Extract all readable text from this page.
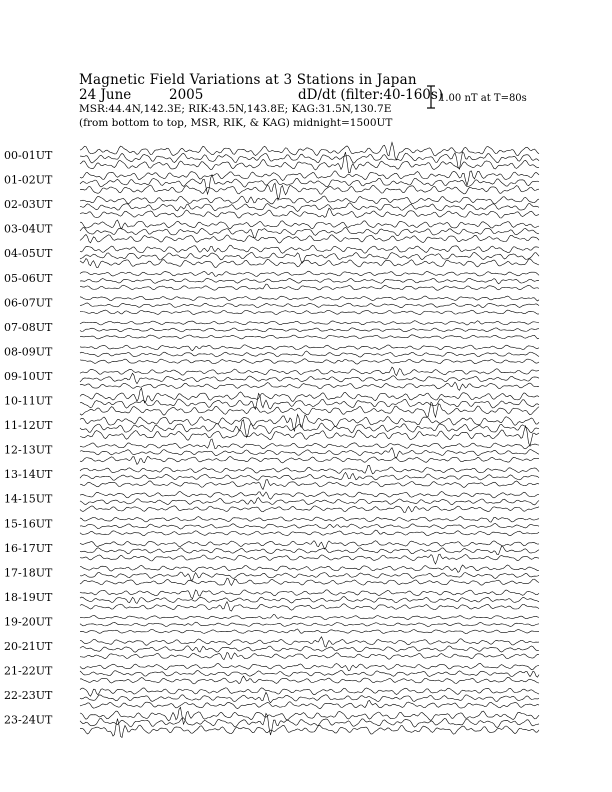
Magnetic Field Variations at 3 Stations in Japan
24 June	2005	dD/dt (filter:40-160s)
MSR:44.4N,142.3E; RIK:43.5N,143.8E; KAG:31.5N,130.7E
(from bottom to top, MSR, RIK, & KAG) midnight=1500UT
1.00 nT at T=80s
00-01UT
01-02UT
02-03UT
03-04UT
04-05UT
05-06UT
06-07UT
07-08UT
08-09UT
09-10UT
10-11UT
11-12UT
12-13UT
13-14UT
14-15UT
15-16UT
16-17UT
17-18UT
18-19UT
19-20UT
20-21UT
21-22UT
22-23UT
23-24UT
